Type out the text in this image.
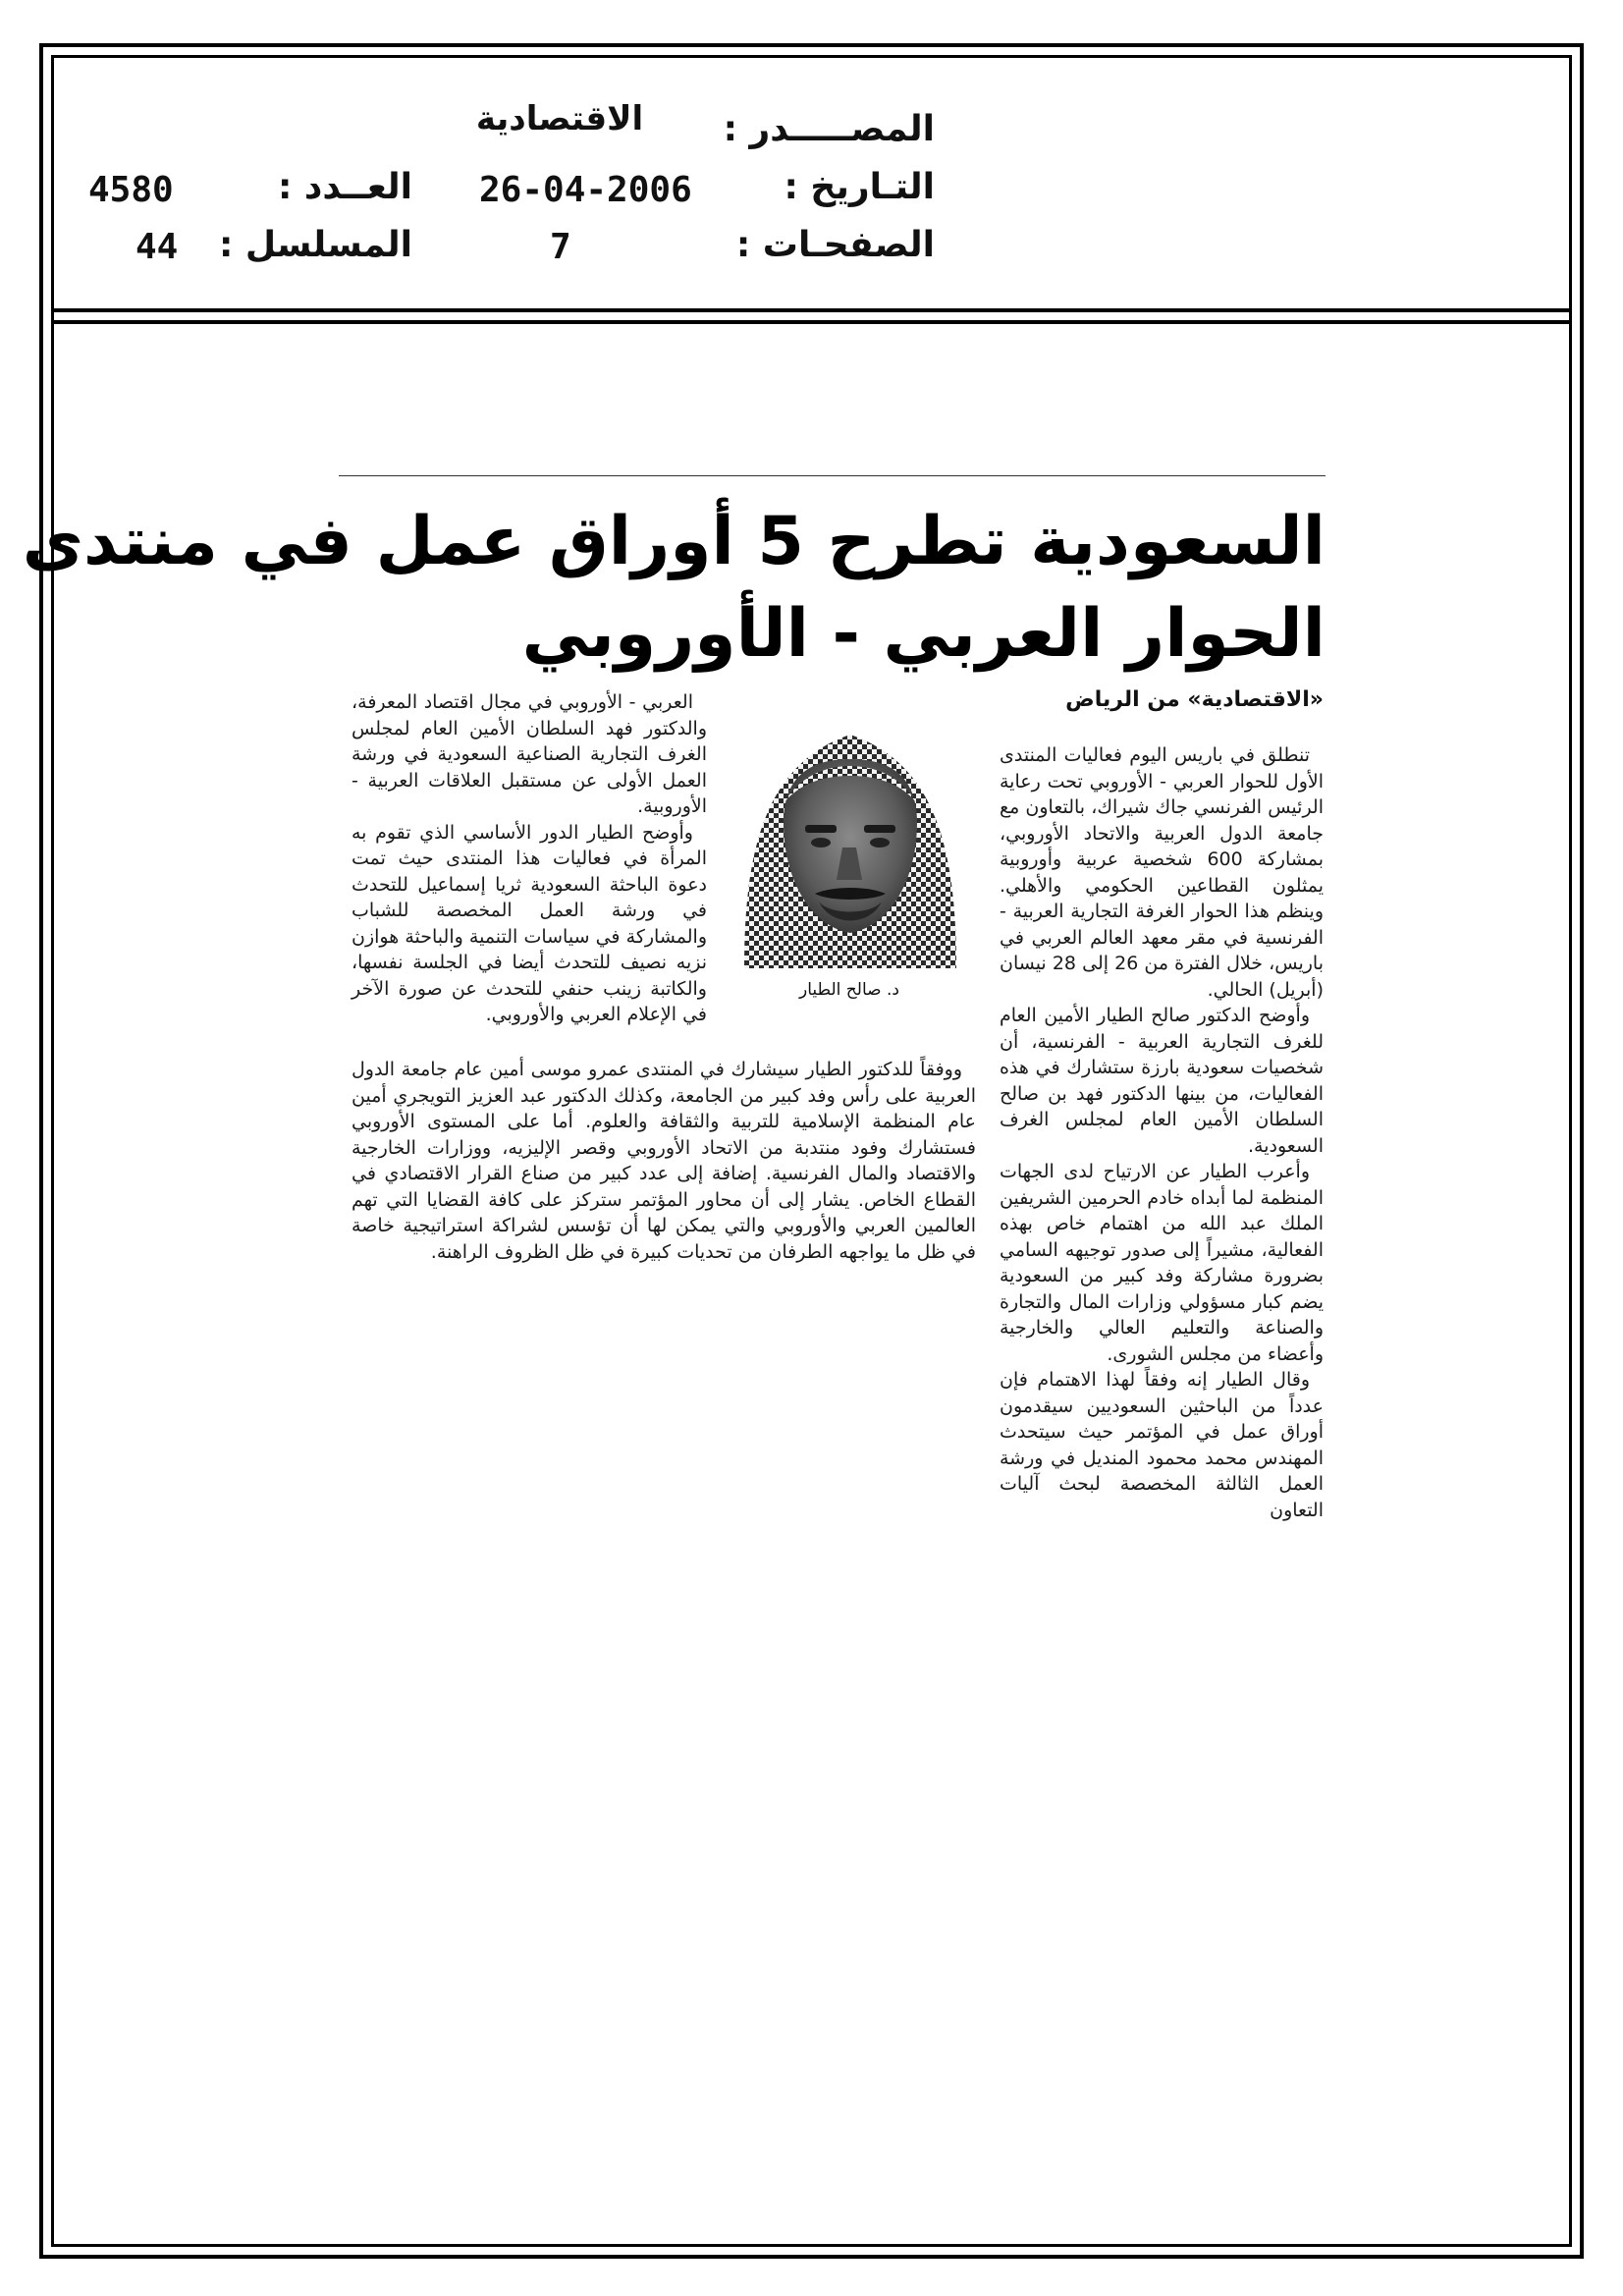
المصـــــدر :
الاقتصادية
التـاريخ :
26-04-2006
العــدد :
4580
الصفحـات :
7
المسلسل :
44
السعودية تطرح 5 أوراق عمل في منتدى
الحوار العربي - الأوروبي
«الاقتصادية» من الرياض

تنطلق في باريس اليوم فعاليات المنتدى الأول للحوار العربي - الأوروبي تحت رعاية الرئيس الفرنسي جاك شيراك، بالتعاون مع جامعة الدول العربية والاتحاد الأوروبي، بمشاركة 600 شخصية عربية وأوروبية يمثلون القطاعين الحكومي والأهلي. وينظم هذا الحوار الغرفة التجارية العربية - الفرنسية في مقر معهد العالم العربي في باريس، خلال الفترة من 26 إلى 28 نيسان (أبريل) الحالي.

وأوضح الدكتور صالح الطيار الأمين العام للغرف التجارية العربية - الفرنسية، أن شخصيات سعودية بارزة ستشارك في هذه الفعاليات، من بينها الدكتور فهد بن صالح السلطان الأمين العام لمجلس الغرف السعودية.

وأعرب الطيار عن الارتياح لدى الجهات المنظمة لما أبداه خادم الحرمين الشريفين الملك عبد الله من اهتمام خاص بهذه الفعالية، مشيراً إلى صدور توجيهه السامي بضرورة مشاركة وفد كبير من السعودية يضم كبار مسؤولي وزارات المال والتجارة والصناعة والتعليم العالي والخارجية وأعضاء من مجلس الشورى.

وقال الطيار إنه وفقاً لهذا الاهتمام فإن عدداً من الباحثين السعوديين سيقدمون أوراق عمل في المؤتمر حيث سيتحدث المهندس محمد محمود المنديل في ورشة العمل الثالثة المخصصة لبحث آليات التعاون

د. صالح الطيار

العربي - الأوروبي في مجال اقتصاد المعرفة، والدكتور فهد السلطان الأمين العام لمجلس الغرف التجارية الصناعية السعودية في ورشة العمل الأولى عن مستقبل العلاقات العربية - الأوروبية.

وأوضح الطيار الدور الأساسي الذي تقوم به المرأة في فعاليات هذا المنتدى حيث تمت دعوة الباحثة السعودية ثريا إسماعيل للتحدث في ورشة العمل المخصصة للشباب والمشاركة في سياسات التنمية والباحثة هوازن نزيه نصيف للتحدث أيضا في الجلسة نفسها، والكاتبة زينب حنفي للتحدث عن صورة الآخر في الإعلام العربي والأوروبي.

ووفقاً للدكتور الطيار سيشارك في المنتدى عمرو موسى أمين عام جامعة الدول العربية على رأس وفد كبير من الجامعة، وكذلك الدكتور عبد العزيز التويجري أمين عام المنظمة الإسلامية للتربية والثقافة والعلوم. أما على المستوى الأوروبي فستشارك وفود منتدبة من الاتحاد الأوروبي وقصر الإليزيه، ووزارات الخارجية والاقتصاد والمال الفرنسية. إضافة إلى عدد كبير من صناع القرار الاقتصادي في القطاع الخاص. يشار إلى أن محاور المؤتمر ستركز على كافة القضايا التي تهم العالمين العربي والأوروبي والتي يمكن لها أن تؤسس لشراكة استراتيجية خاصة في ظل ما يواجهه الطرفان من تحديات كبيرة في ظل الظروف الراهنة.
